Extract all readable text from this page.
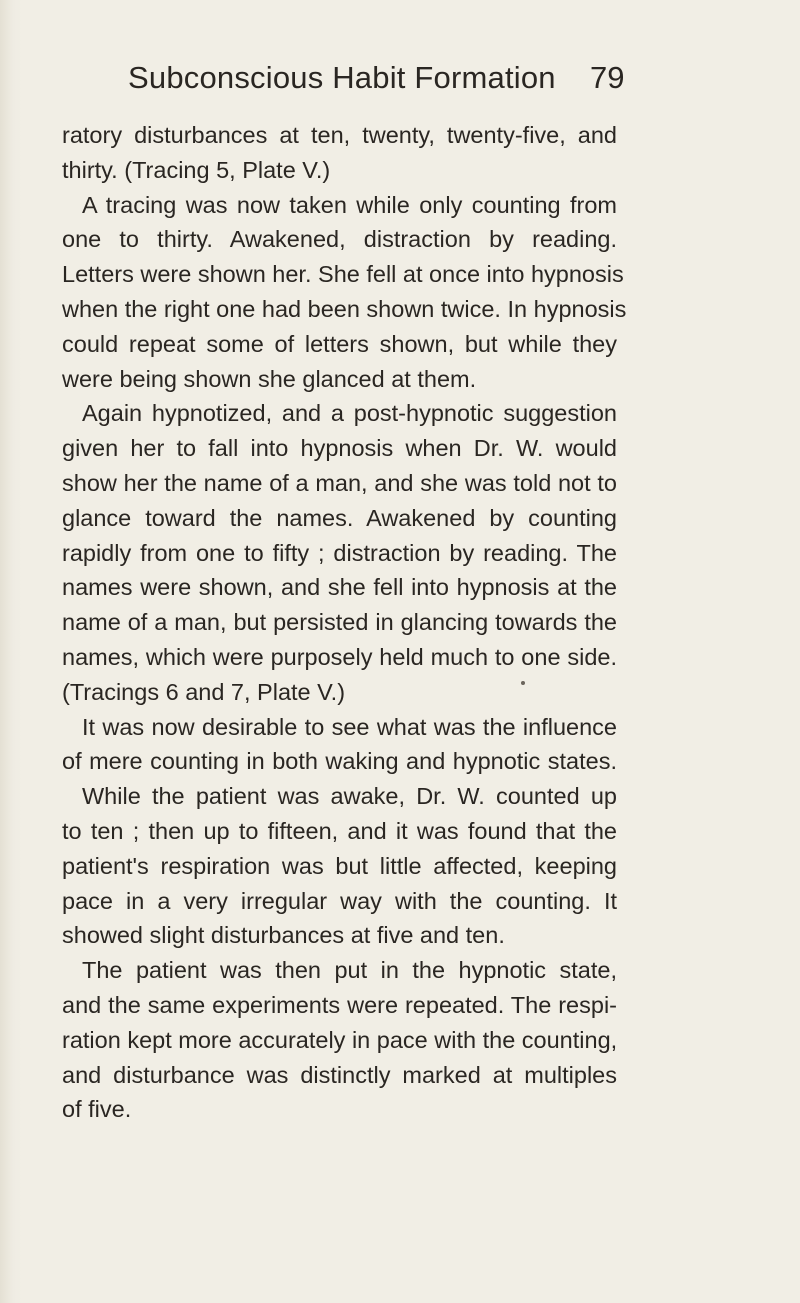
Subconscious Habit Formation 79
ratory disturbances at ten, twenty, twenty-five, and
thirty. (Tracing 5, Plate V.)
A tracing was now taken while only counting from
one to thirty. Awakened, distraction by reading.
Letters were shown her. She fell at once into hypnosis
when the right one had been shown twice. In hypnosis
could repeat some of letters shown, but while they
were being shown she glanced at them.
Again hypnotized, and a post-hypnotic suggestion
given her to fall into hypnosis when Dr. W. would
show her the name of a man, and she was told not to
glance toward the names. Awakened by counting
rapidly from one to fifty ; distraction by reading. The
names were shown, and she fell into hypnosis at the
name of a man, but persisted in glancing towards the
names, which were purposely held much to one side.
(Tracings 6 and 7, Plate V.)
It was now desirable to see what was the influence
of mere counting in both waking and hypnotic states.
While the patient was awake, Dr. W. counted up
to ten ; then up to fifteen, and it was found that the
patient's respiration was but little affected, keeping
pace in a very irregular way with the counting. It
showed slight disturbances at five and ten.
The patient was then put in the hypnotic state,
and the same experiments were repeated. The respi-
ration kept more accurately in pace with the counting,
and disturbance was distinctly marked at multiples
of five.
